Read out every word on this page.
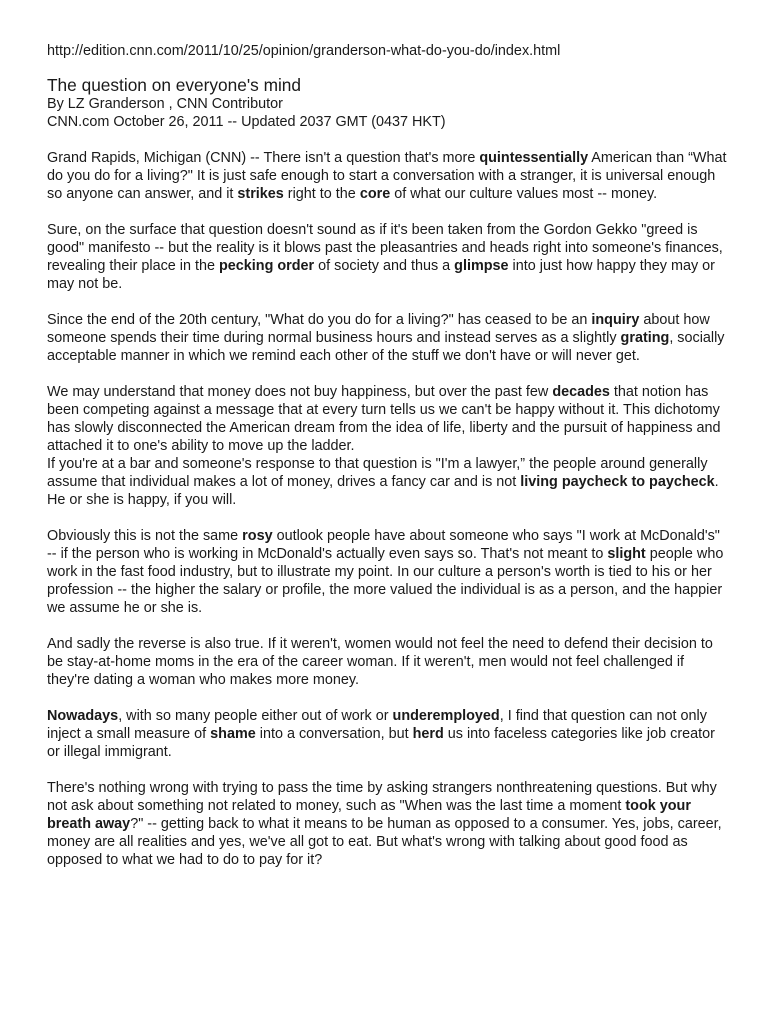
http://edition.cnn.com/2011/10/25/opinion/granderson-what-do-you-do/index.html
The question on everyone's mind
By LZ Granderson , CNN Contributor
CNN.com October 26, 2011 -- Updated 2037 GMT (0437 HKT)

Grand Rapids, Michigan (CNN) -- There isn't a question that's more quintessentially American than “What do you do for a living?" It is just safe enough to start a conversation with a stranger, it is universal enough so anyone can answer, and it strikes right to the core of what our culture values most -- money.

Sure, on the surface that question doesn't sound as if it's been taken from the Gordon Gekko "greed is good" manifesto -- but the reality is it blows past the pleasantries and heads right into someone's finances, revealing their place in the pecking order of society and thus a glimpse into just how happy they may or may not be.

Since the end of the 20th century, "What do you do for a living?" has ceased to be an inquiry about how someone spends their time during normal business hours and instead serves as a slightly grating, socially acceptable manner in which we remind each other of the stuff we don't have or will never get.

We may understand that money does not buy happiness, but over the past few decades that notion has been competing against a message that at every turn tells us we can't be happy without it. This dichotomy has slowly disconnected the American dream from the idea of life, liberty and the pursuit of happiness and attached it to one's ability to move up the ladder.

If you're at a bar and someone's response to that question is "I'm a lawyer,” the people around generally assume that individual makes a lot of money, drives a fancy car and is not living paycheck to paycheck. He or she is happy, if you will.

Obviously this is not the same rosy outlook people have about someone who says "I work at McDonald's" -- if the person who is working in McDonald's actually even says so. That's not meant to slight people who work in the fast food industry, but to illustrate my point. In our culture a person's worth is tied to his or her profession -- the higher the salary or profile, the more valued the individual is as a person, and the happier we assume he or she is.

And sadly the reverse is also true. If it weren't, women would not feel the need to defend their decision to be stay-at-home moms in the era of the career woman. If it weren't, men would not feel challenged if they're dating a woman who makes more money.

Nowadays, with so many people either out of work or underemployed, I find that question can not only inject a small measure of shame into a conversation, but herd us into faceless categories like job creator or illegal immigrant.

There's nothing wrong with trying to pass the time by asking strangers nonthreatening questions. But why not ask about something not related to money, such as "When was the last time a moment took your breath away?" -- getting back to what it means to be human as opposed to a consumer. Yes, jobs, career, money are all realities and yes, we've all got to eat. But what's wrong with talking about good food as opposed to what we had to do to pay for it?
